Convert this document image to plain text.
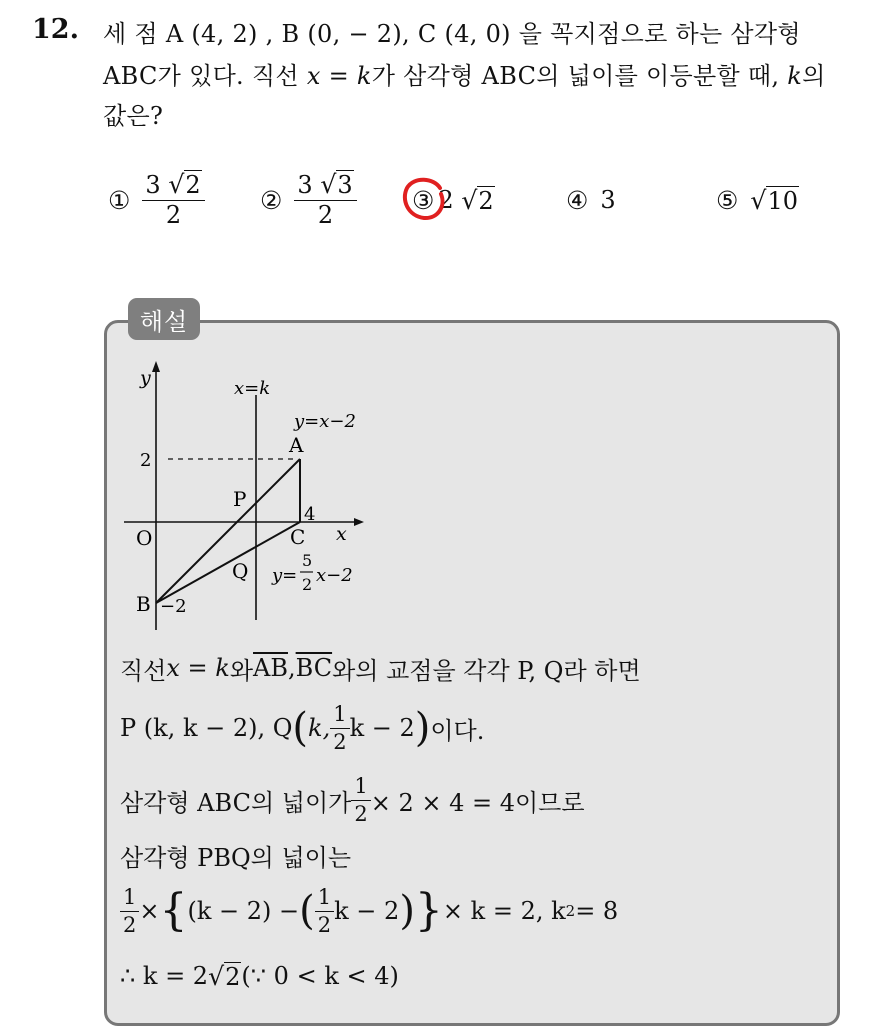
12. 세 점 A (4, 2) , B (0, − 2), C (4, 0) 을 꼭지점으로 하는 삼각형
ABC가 있다. 직선 x = k가 삼각형 ABC의 넓이를 이등분할 때, k의
값은?
① $\frac{3 √2}{2}$ ② $\frac{3 √3}{2}$ ③ 2
√2	④ 3	⑤ √10
해설
y
x
O
x=k
y=x−2
A
B
C
P
Q
2
4
−2
y=
5
2 x−2
직선 x = k 와 $\overline{AB}$ , $\overline{BC}$ 와의 교점을 각각 P, Q라 하면
P (k, k − 2), Q ( k, $\frac{1}{2}$ k − 2 ) 이다.
삼각형 ABC의 넓이가 $\frac{1}{2} \times 2 \times 4 = 4$이므로
삼각형 PBQ의 넓이는
$\frac{1}{2}$ × { (k − 2) − ( $\frac{1}{2}$ k − 2 ) } × k = 2, k 2 = 8
∴ k = 2 √2 (∵ 0 < k < 4)
